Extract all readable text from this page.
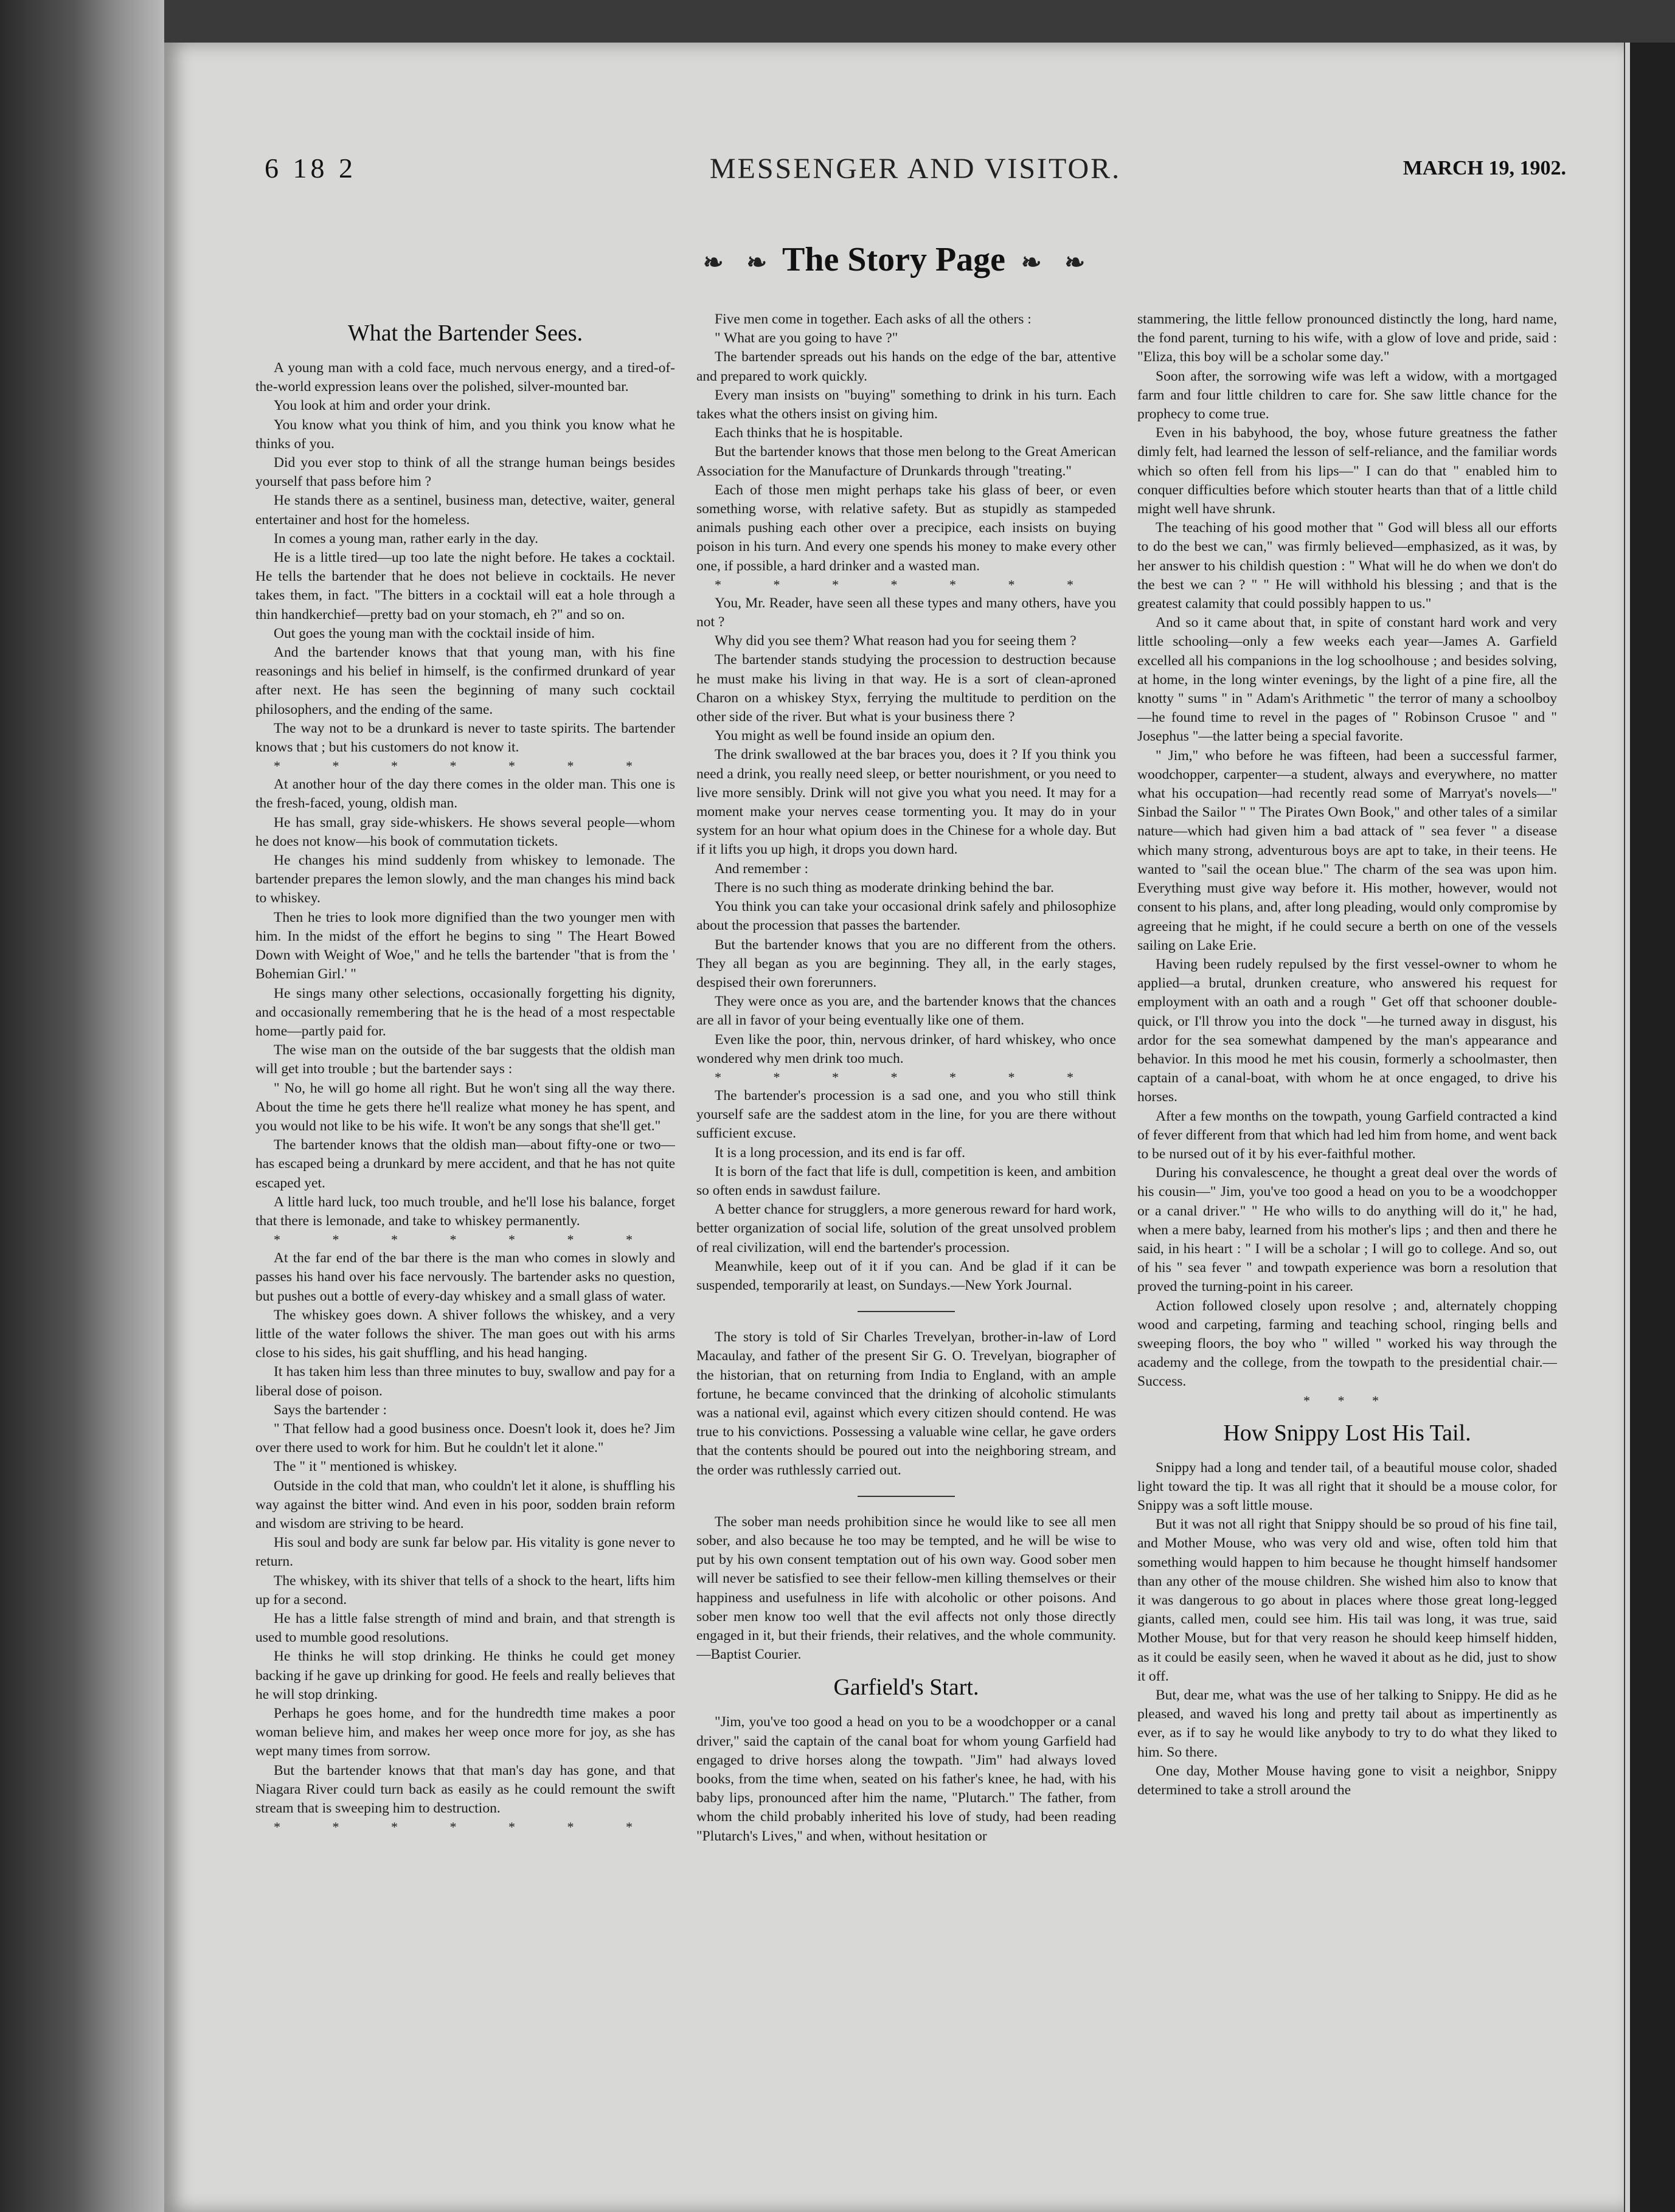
6 18 2	MESSENGER AND VISITOR.	MARCH 19, 1902.
❧ ❧ The Story Page ❧ ❧

What the Bartender Sees.

A young man with a cold face, much nervous energy, and a tired-of-the-world expression leans over the polished, silver-mounted bar.

You look at him and order your drink.

You know what you think of him, and you think you know what he thinks of you.

Did you ever stop to think of all the strange human beings besides yourself that pass before him ?

He stands there as a sentinel, business man, detective, waiter, general entertainer and host for the homeless.

In comes a young man, rather early in the day.

He is a little tired—up too late the night before. He takes a cocktail. He tells the bartender that he does not believe in cocktails. He never takes them, in fact. "The bitters in a cocktail will eat a hole through a thin handkerchief—pretty bad on your stomach, eh ?" and so on.

Out goes the young man with the cocktail inside of him.

And the bartender knows that that young man, with his fine reasonings and his belief in himself, is the confirmed drunkard of year after next. He has seen the beginning of many such cocktail philosophers, and the ending of the same.

The way not to be a drunkard is never to taste spirits. The bartender knows that ; but his customers do not know it.

* * * * * * *

At another hour of the day there comes in the older man. This one is the fresh-faced, young, oldish man.

He has small, gray side-whiskers. He shows several people—whom he does not know—his book of commutation tickets.

He changes his mind suddenly from whiskey to lemonade. The bartender prepares the lemon slowly, and the man changes his mind back to whiskey.

Then he tries to look more dignified than the two younger men with him. In the midst of the effort he begins to sing " The Heart Bowed Down with Weight of Woe," and he tells the bartender "that is from the ' Bohemian Girl.' "

He sings many other selections, occasionally forgetting his dignity, and occasionally remembering that he is the head of a most respectable home—partly paid for.

The wise man on the outside of the bar suggests that the oldish man will get into trouble ; but the bartender says :

" No, he will go home all right. But he won't sing all the way there. About the time he gets there he'll realize what money he has spent, and you would not like to be his wife. It won't be any songs that she'll get."

The bartender knows that the oldish man—about fifty-one or two—has escaped being a drunkard by mere accident, and that he has not quite escaped yet.

A little hard luck, too much trouble, and he'll lose his balance, forget that there is lemonade, and take to whiskey permanently.

* * * * * * *

At the far end of the bar there is the man who comes in slowly and passes his hand over his face nervously. The bartender asks no question, but pushes out a bottle of every-day whiskey and a small glass of water.

The whiskey goes down. A shiver follows the whiskey, and a very little of the water follows the shiver. The man goes out with his arms close to his sides, his gait shuffling, and his head hanging.

It has taken him less than three minutes to buy, swallow and pay for a liberal dose of poison.

Says the bartender :

" That fellow had a good business once. Doesn't look it, does he? Jim over there used to work for him. But he couldn't let it alone."

The " it " mentioned is whiskey.

Outside in the cold that man, who couldn't let it alone, is shuffling his way against the bitter wind. And even in his poor, sodden brain reform and wisdom are striving to be heard.

His soul and body are sunk far below par. His vitality is gone never to return.

The whiskey, with its shiver that tells of a shock to the heart, lifts him up for a second.

He has a little false strength of mind and brain, and that strength is used to mumble good resolutions.

He thinks he will stop drinking. He thinks he could get money backing if he gave up drinking for good. He feels and really believes that he will stop drinking.

Perhaps he goes home, and for the hundredth time makes a poor woman believe him, and makes her weep once more for joy, as she has wept many times from sorrow.

But the bartender knows that that man's day has gone, and that Niagara River could turn back as easily as he could remount the swift stream that is sweeping him to destruction.

* * * * * * *

Five men come in together. Each asks of all the others :

" What are you going to have ?"

The bartender spreads out his hands on the edge of the bar, attentive and prepared to work quickly.

Every man insists on "buying" something to drink in his turn. Each takes what the others insist on giving him.

Each thinks that he is hospitable.

But the bartender knows that those men belong to the Great American Association for the Manufacture of Drunkards through "treating."

Each of those men might perhaps take his glass of beer, or even something worse, with relative safety. But as stupidly as stampeded animals pushing each other over a precipice, each insists on buying poison in his turn. And every one spends his money to make every other one, if possible, a hard drinker and a wasted man.

* * * * * * *

You, Mr. Reader, have seen all these types and many others, have you not ?

Why did you see them? What reason had you for seeing them ?

The bartender stands studying the procession to destruction because he must make his living in that way. He is a sort of clean-aproned Charon on a whiskey Styx, ferrying the multitude to perdition on the other side of the river. But what is your business there ?

You might as well be found inside an opium den.

The drink swallowed at the bar braces you, does it ? If you think you need a drink, you really need sleep, or better nourishment, or you need to live more sensibly. Drink will not give you what you need. It may for a moment make your nerves cease tormenting you. It may do in your system for an hour what opium does in the Chinese for a whole day. But if it lifts you up high, it drops you down hard.

And remember :

There is no such thing as moderate drinking behind the bar.

You think you can take your occasional drink safely and philosophize about the procession that passes the bartender.

But the bartender knows that you are no different from the others. They all began as you are beginning. They all, in the early stages, despised their own forerunners.

They were once as you are, and the bartender knows that the chances are all in favor of your being eventually like one of them.

Even like the poor, thin, nervous drinker, of hard whiskey, who once wondered why men drink too much.

* * * * * * *

The bartender's procession is a sad one, and you who still think yourself safe are the saddest atom in the line, for you are there without sufficient excuse.

It is a long procession, and its end is far off.

It is born of the fact that life is dull, competition is keen, and ambition so often ends in sawdust failure.

A better chance for strugglers, a more generous reward for hard work, better organization of social life, solution of the great unsolved problem of real civilization, will end the bartender's procession.

Meanwhile, keep out of it if you can. And be glad if it can be suspended, temporarily at least, on Sundays.—New York Journal.

The story is told of Sir Charles Trevelyan, brother-in-law of Lord Macaulay, and father of the present Sir G. O. Trevelyan, biographer of the historian, that on returning from India to England, with an ample fortune, he became convinced that the drinking of alcoholic stimulants was a national evil, against which every citizen should contend. He was true to his convictions. Possessing a valuable wine cellar, he gave orders that the contents should be poured out into the neighboring stream, and the order was ruthlessly carried out.

The sober man needs prohibition since he would like to see all men sober, and also because he too may be tempted, and he will be wise to put by his own consent temptation out of his own way. Good sober men will never be satisfied to see their fellow-men killing themselves or their happiness and usefulness in life with alcoholic or other poisons. And sober men know too well that the evil affects not only those directly engaged in it, but their friends, their relatives, and the whole community.—Baptist Courier.

Garfield's Start.

"Jim, you've too good a head on you to be a woodchopper or a canal driver," said the captain of the canal boat for whom young Garfield had engaged to drive horses along the towpath. "Jim" had always loved books, from the time when, seated on his father's knee, he had, with his baby lips, pronounced after him the name, "Plutarch." The father, from whom the child probably inherited his love of study, had been reading "Plutarch's Lives," and when, without hesitation or

stammering, the little fellow pronounced distinctly the long, hard name, the fond parent, turning to his wife, with a glow of love and pride, said : "Eliza, this boy will be a scholar some day."

Soon after, the sorrowing wife was left a widow, with a mortgaged farm and four little children to care for. She saw little chance for the prophecy to come true.

Even in his babyhood, the boy, whose future greatness the father dimly felt, had learned the lesson of self-reliance, and the familiar words which so often fell from his lips—" I can do that " enabled him to conquer difficulties before which stouter hearts than that of a little child might well have shrunk.

The teaching of his good mother that " God will bless all our efforts to do the best we can," was firmly believed—emphasized, as it was, by her answer to his childish question : " What will he do when we don't do the best we can ? " " He will withhold his blessing ; and that is the greatest calamity that could possibly happen to us."

And so it came about that, in spite of constant hard work and very little schooling—only a few weeks each year—James A. Garfield excelled all his companions in the log schoolhouse ; and besides solving, at home, in the long winter evenings, by the light of a pine fire, all the knotty " sums " in " Adam's Arithmetic " the terror of many a schoolboy—he found time to revel in the pages of " Robinson Crusoe " and " Josephus "—the latter being a special favorite.

" Jim," who before he was fifteen, had been a successful farmer, woodchopper, carpenter—a student, always and everywhere, no matter what his occupation—had recently read some of Marryat's novels—" Sinbad the Sailor " " The Pirates Own Book," and other tales of a similar nature—which had given him a bad attack of " sea fever " a disease which many strong, adventurous boys are apt to take, in their teens. He wanted to "sail the ocean blue." The charm of the sea was upon him. Everything must give way before it. His mother, however, would not consent to his plans, and, after long pleading, would only compromise by agreeing that he might, if he could secure a berth on one of the vessels sailing on Lake Erie.

Having been rudely repulsed by the first vessel-owner to whom he applied—a brutal, drunken creature, who answered his request for employment with an oath and a rough " Get off that schooner double-quick, or I'll throw you into the dock "—he turned away in disgust, his ardor for the sea somewhat dampened by the man's appearance and behavior. In this mood he met his cousin, formerly a schoolmaster, then captain of a canal-boat, with whom he at once engaged, to drive his horses.

After a few months on the towpath, young Garfield contracted a kind of fever different from that which had led him from home, and went back to be nursed out of it by his ever-faithful mother.

During his convalescence, he thought a great deal over the words of his cousin—" Jim, you've too good a head on you to be a woodchopper or a canal driver." " He who wills to do anything will do it," he had, when a mere baby, learned from his mother's lips ; and then and there he said, in his heart : " I will be a scholar ; I will go to college. And so, out of his " sea fever " and towpath experience was born a resolution that proved the turning-point in his career.

Action followed closely upon resolve ; and, alternately chopping wood and carpeting, farming and teaching school, ringing bells and sweeping floors, the boy who " willed " worked his way through the academy and the college, from the towpath to the presidential chair.—Success.

* * *

How Snippy Lost His Tail.

Snippy had a long and tender tail, of a beautiful mouse color, shaded light toward the tip. It was all right that it should be a mouse color, for Snippy was a soft little mouse.

But it was not all right that Snippy should be so proud of his fine tail, and Mother Mouse, who was very old and wise, often told him that something would happen to him because he thought himself handsomer than any other of the mouse children. She wished him also to know that it was dangerous to go about in places where those great long-legged giants, called men, could see him. His tail was long, it was true, said Mother Mouse, but for that very reason he should keep himself hidden, as it could be easily seen, when he waved it about as he did, just to show it off.

But, dear me, what was the use of her talking to Snippy. He did as he pleased, and waved his long and pretty tail about as impertinently as ever, as if to say he would like anybody to try to do what they liked to him. So there.

One day, Mother Mouse having gone to visit a neighbor, Snippy determined to take a stroll around the
